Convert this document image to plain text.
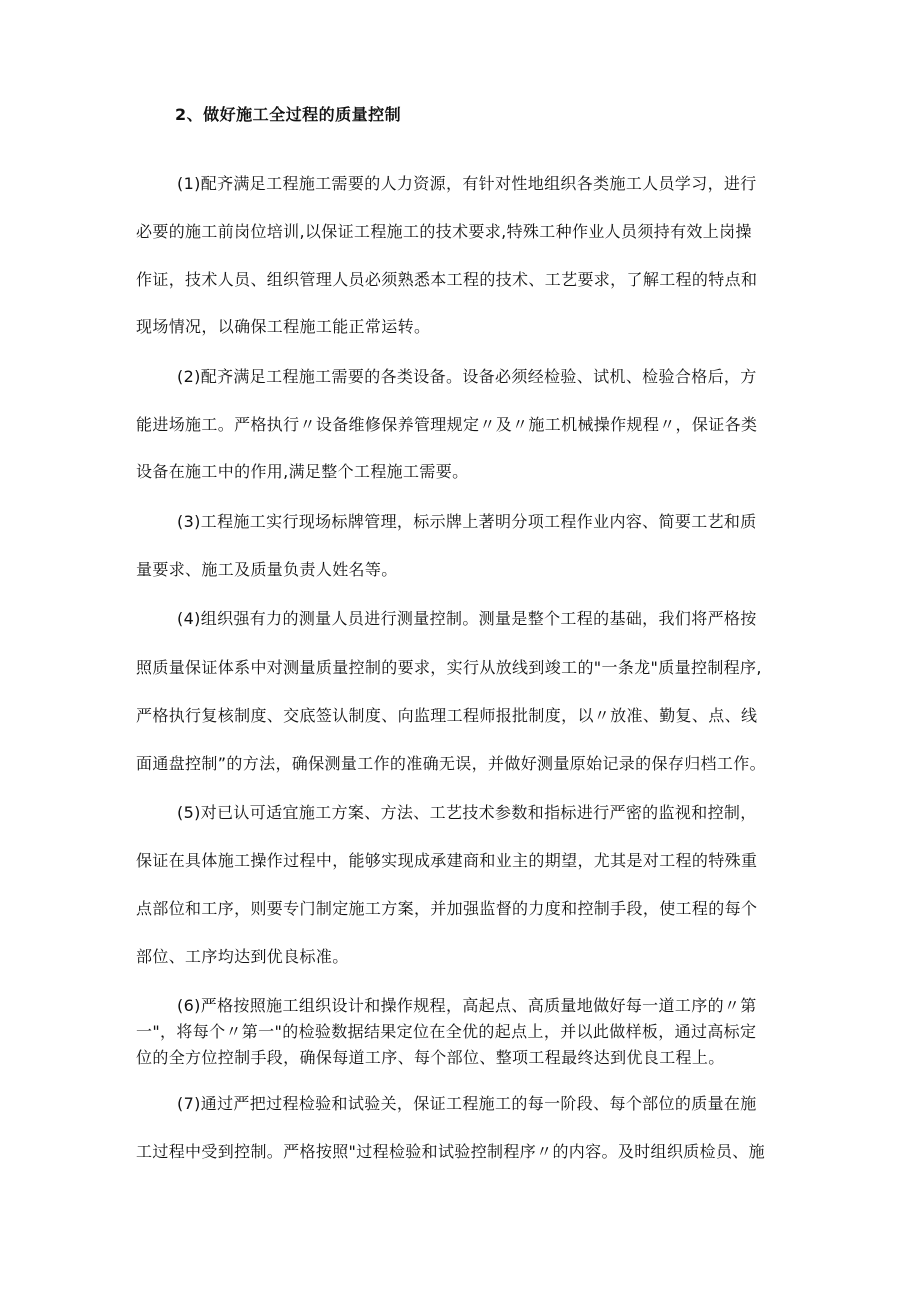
2、做好施工全过程的质量控制
(1)配齐满足工程施工需要的人力资源，有针对性地组织各类施工人员学习，进行
必要的施工前岗位培训,以保证工程施工的技术要求,特殊工种作业人员须持有效上岗操
作证，技术人员、组织管理人员必须熟悉本工程的技术、工艺要求，了解工程的特点和
现场情况，以确保工程施工能正常运转。
(2)配齐满足工程施工需要的各类设备。设备必须经检验、试机、检验合格后，方
能进场施工。严格执行〃设备维修保养管理规定〃及〃施工机械操作规程〃，保证各类
设备在施工中的作用,满足整个工程施工需要。
(3)工程施工实行现场标牌管理，标示牌上著明分项工程作业内容、简要工艺和质
量要求、施工及质量负责人姓名等。
(4)组织强有力的测量人员进行测量控制。测量是整个工程的基础，我们将严格按
照质量保证体系中对测量质量控制的要求，实行从放线到竣工的"一条龙"质量控制程序,
严格执行复核制度、交底签认制度、向监理工程师报批制度，以〃放准、勤复、点、线
面通盘控制”的方法，确保测量工作的准确无误，并做好测量原始记录的保存归档工作。
(5)对已认可适宜施工方案、方法、工艺技术参数和指标进行严密的监视和控制，
保证在具体施工操作过程中，能够实现成承建商和业主的期望，尤其是对工程的特殊重
点部位和工序，则要专门制定施工方案，并加强监督的力度和控制手段，使工程的每个
部位、工序均达到优良标准。
(6)严格按照施工组织设计和操作规程，高起点、高质量地做好每一道工序的〃第
一"，将每个〃第一"的检验数据结果定位在全优的起点上，并以此做样板，通过高标定
位的全方位控制手段，确保每道工序、每个部位、整项工程最终达到优良工程上。
(7)通过严把过程检验和试验关，保证工程施工的每一阶段、每个部位的质量在施
工过程中受到控制。严格按照"过程检验和试验控制程序〃的内容。及时组织质检员、施
